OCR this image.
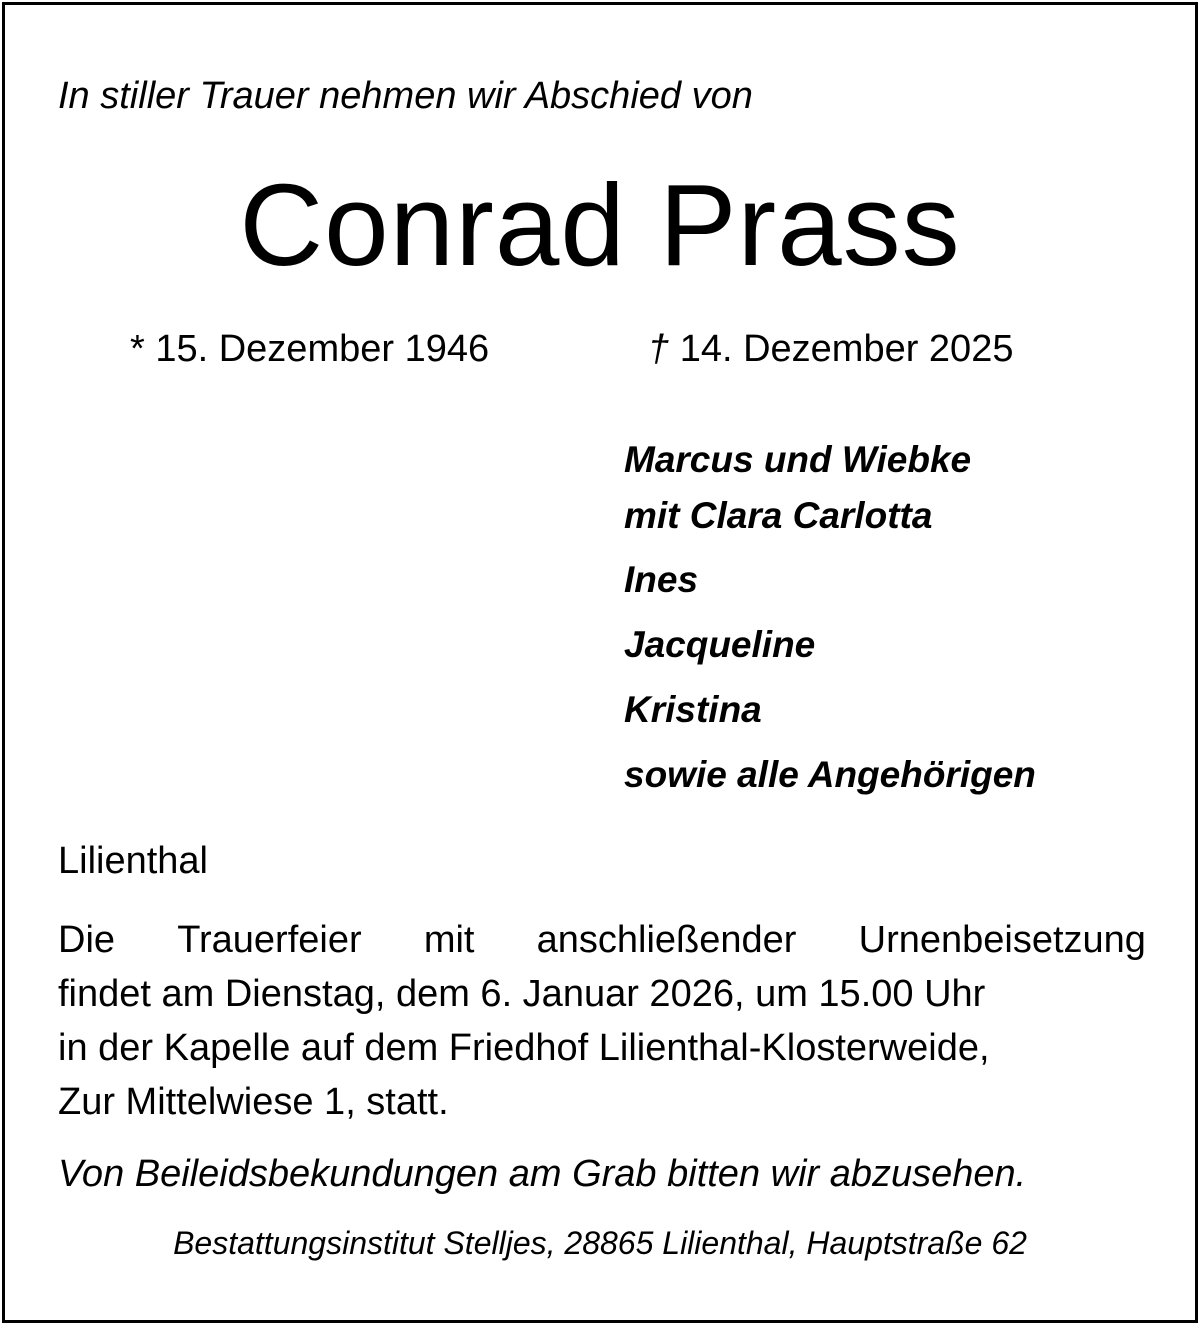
In stiller Trauer nehmen wir Abschied von
Conrad Prass
* 15. Dezember 1946	† 14. Dezember 2025
Marcus und Wiebke
mit Clara Carlotta
Ines
Jacqueline
Kristina
sowie alle Angehörigen
Lilienthal
Die Trauerfeier mit anschließender Urnenbeisetzung
findet am Dienstag, dem 6. Januar 2026, um 15.00 Uhr
in der Kapelle auf dem Friedhof Lilienthal-Klosterweide,
Zur Mittelwiese 1, statt.
Von Beileidsbekundungen am Grab bitten wir abzusehen.
Bestattungsinstitut Stelljes, 28865 Lilienthal, Hauptstraße 62
